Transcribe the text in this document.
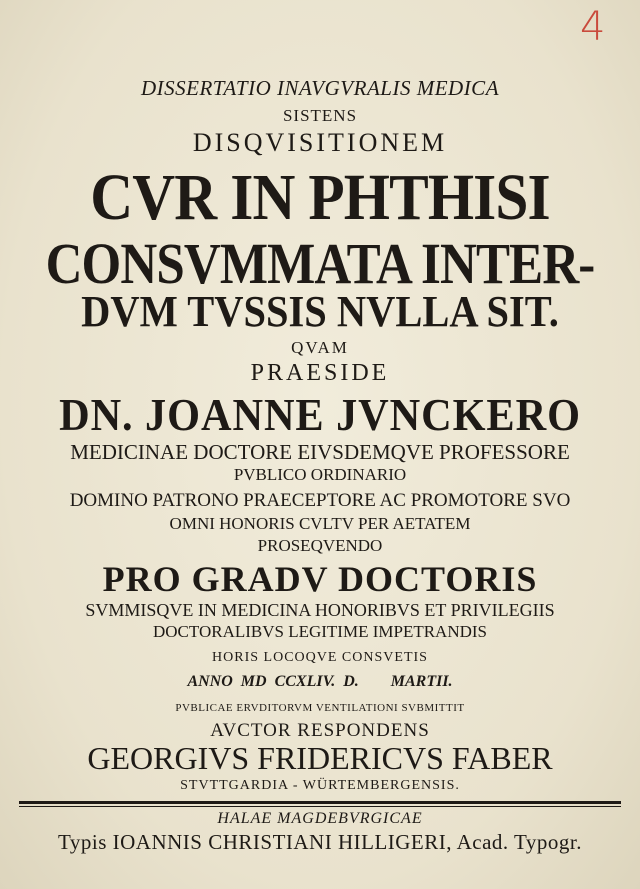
4
DISSERTATIO INAVGVRALIS MEDICA
SISTENS
DISQVISITIONEM
CVR IN PHTHISI
CONSVMMATA INTER-
DVM TVSSIS NVLLA SIT.
QVAM
PRAESIDE
DN. JOANNE JVNCKERO
MEDICINAE DOCTORE EIVSDEMQVE PROFESSORE
PVBLICO ORDINARIO
DOMINO PATRONO PRAECEPTORE AC PROMOTORE SVO
OMNI HONORIS CVLTV PER AETATEM
PROSEQVENDO
PRO GRADV DOCTORIS
SVMMISQVE IN MEDICINA HONORIBVS ET PRIVILEGIIS
DOCTORALIBVS LEGITIME IMPETRANDIS
HORIS LOCOQVE CONSVETIS
ANNO MD CCXLIV. D.    MARTII.
PVBLICAE ERVDITORVM VENTILATIONI SVBMITTIT
AVCTOR RESPONDENS
GEORGIVS FRIDERICVS FABER
STVTTGARDIA - WÜRTEMBERGENSIS.
HALAE MAGDEBVRGICAE
Typis IOANNIS CHRISTIANI HILLIGERI, Acad. Typogr.
